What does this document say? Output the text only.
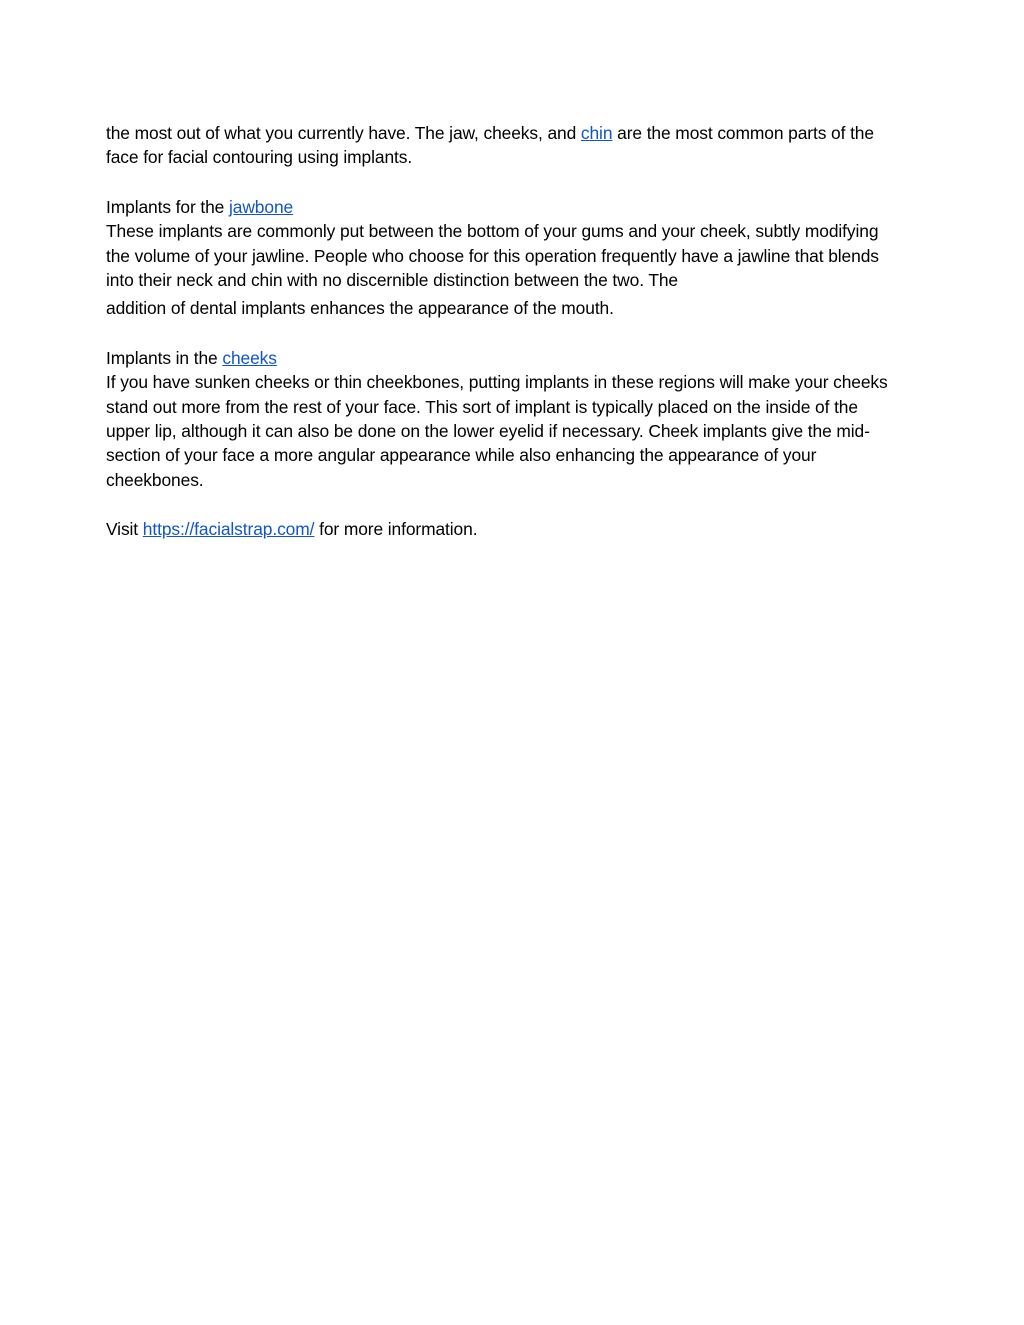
the most out of what you currently have. The jaw, cheeks, and chin are the most common parts of the face for facial contouring using implants.

Implants for the jawbone

These implants are commonly put between the bottom of your gums and your cheek, subtly modifying the volume of your jawline. People who choose for this operation frequently have a jawline that blends into their neck and chin with no discernible distinction between the two. The

addition of dental implants enhances the appearance of the mouth.

Implants in the cheeks

If you have sunken cheeks or thin cheekbones, putting implants in these regions will make your cheeks stand out more from the rest of your face. This sort of implant is typically placed on the inside of the upper lip, although it can also be done on the lower eyelid if necessary. Cheek implants give the mid-section of your face a more angular appearance while also enhancing the appearance of your cheekbones.

Visit https://facialstrap.com/ for more information.
